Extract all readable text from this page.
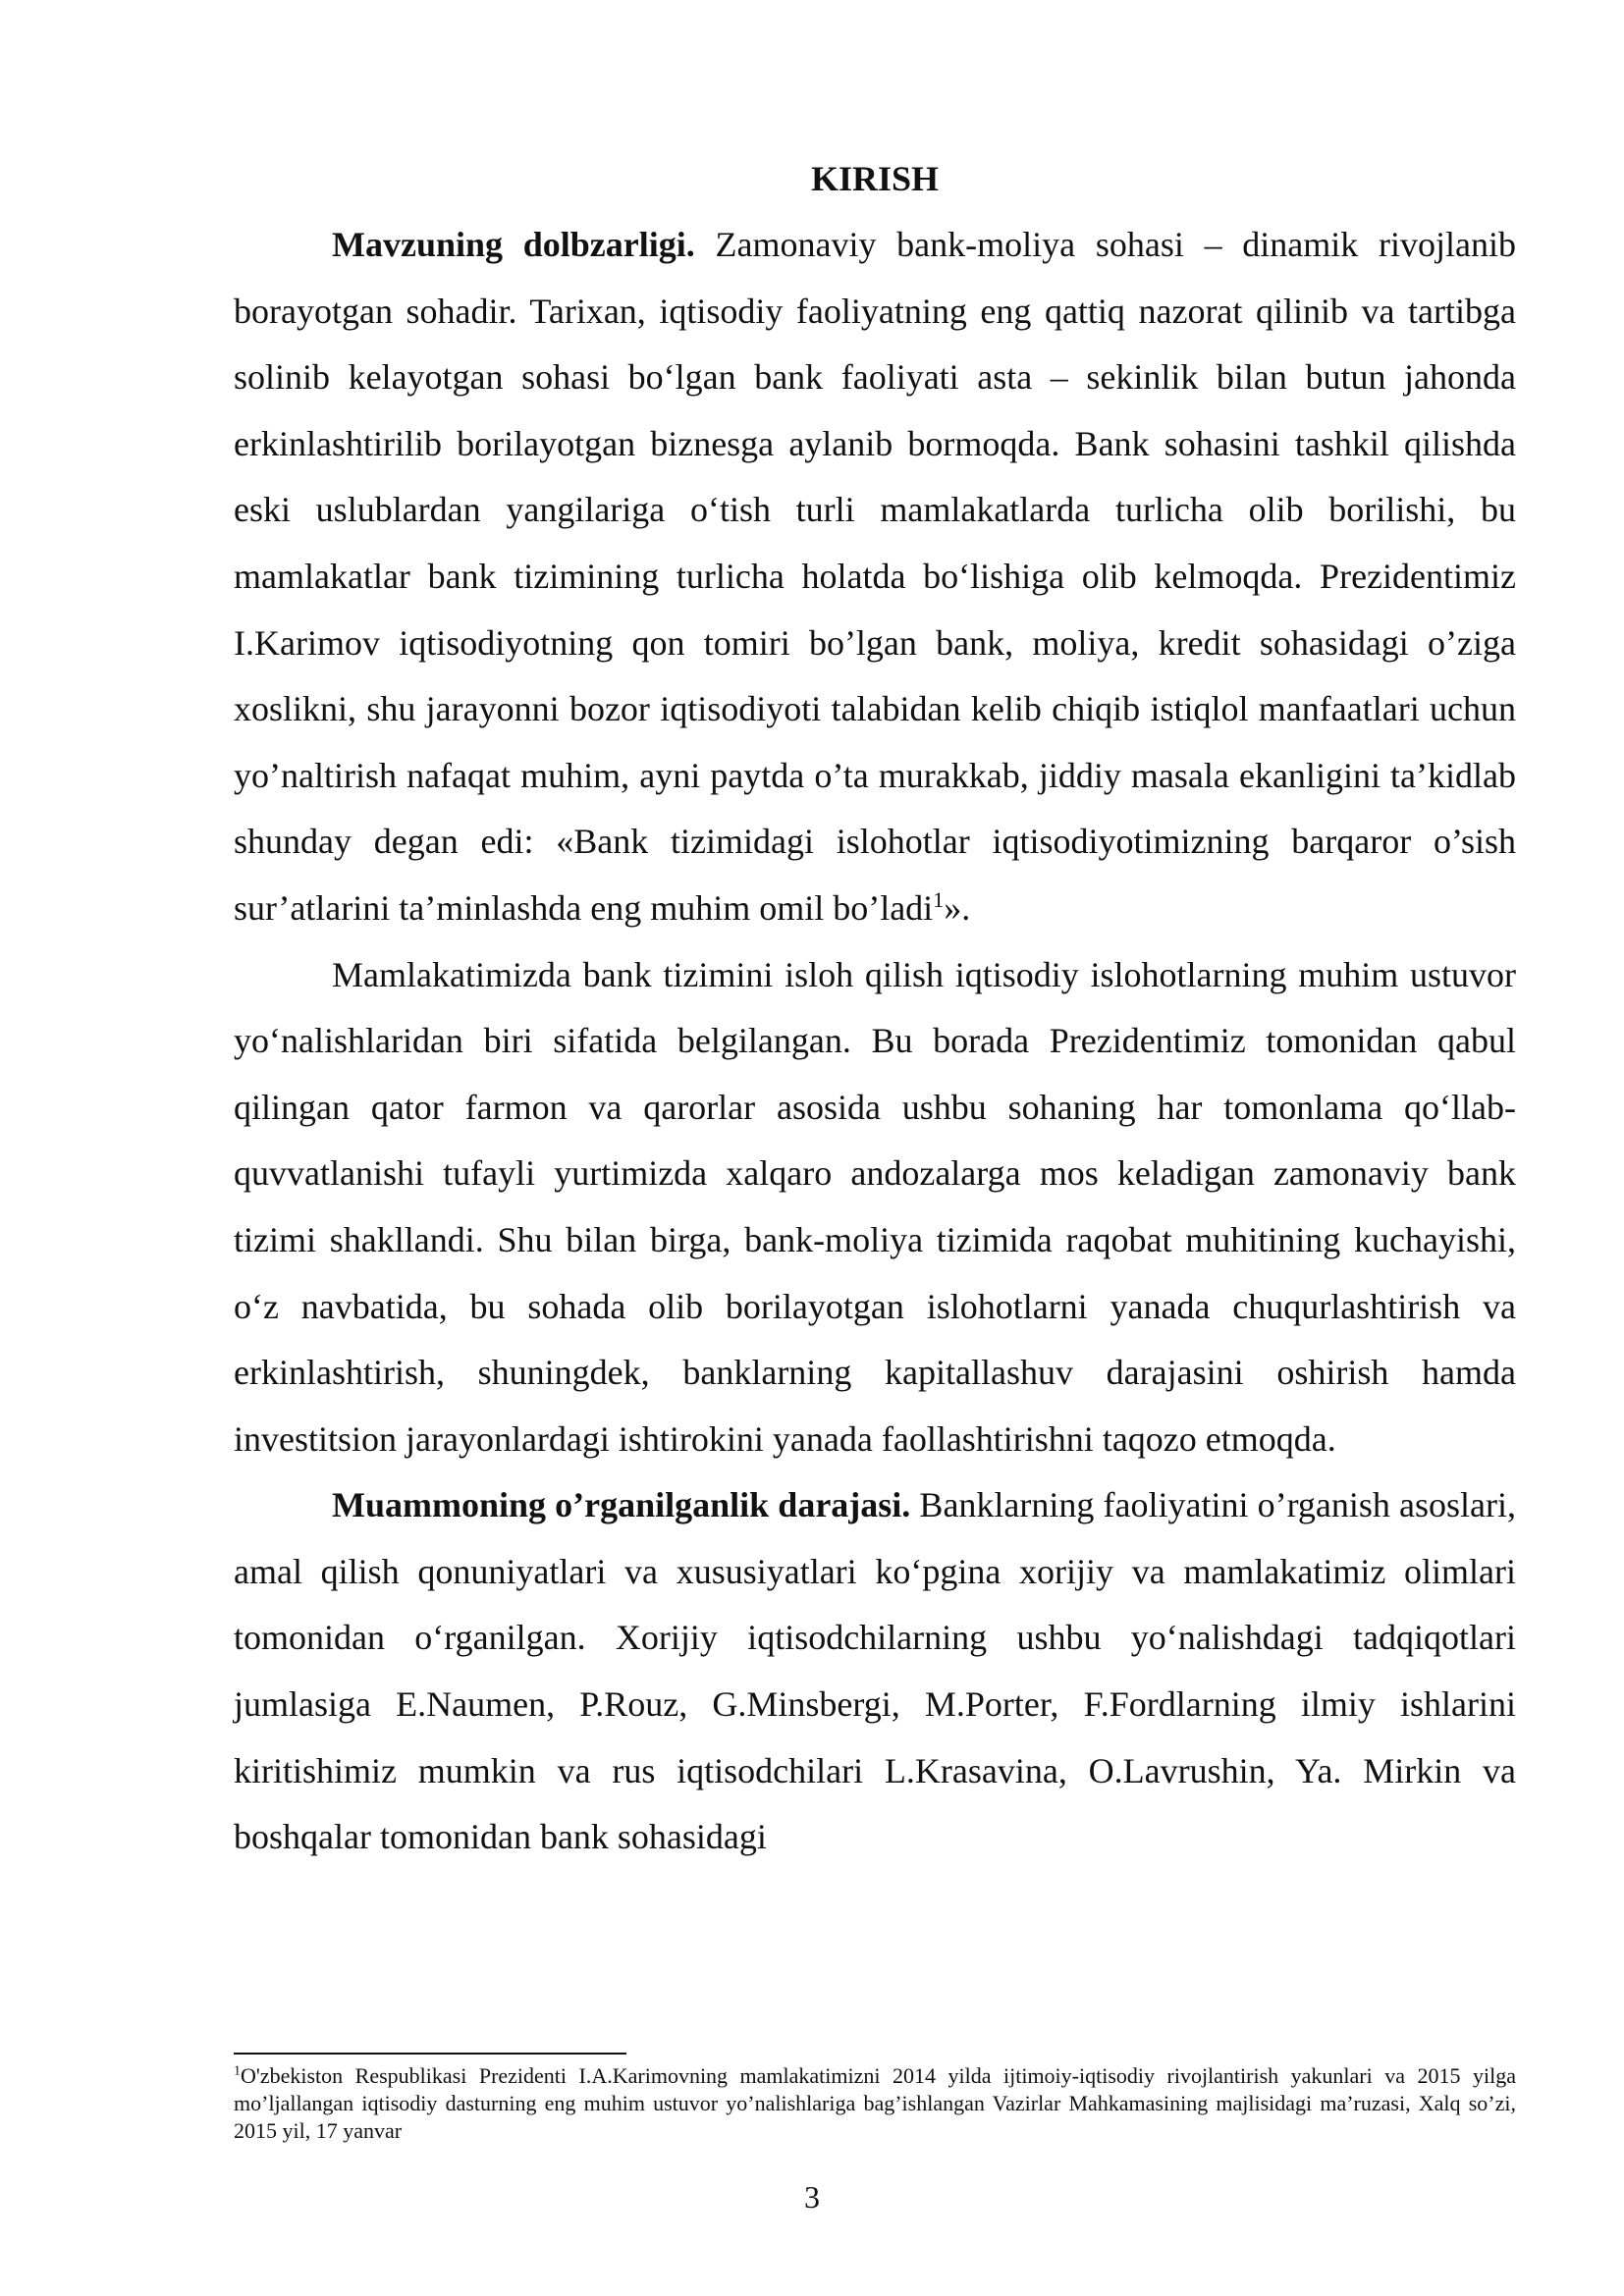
KIRISH

Mavzuning dolbzarligi. Zamonaviy bank-moliya sohasi – dinamik rivojlanib borayotgan sohadir. Tarixan, iqtisodiy faoliyatning eng qattiq nazorat qilinib va tartibga solinib kelayotgan sohasi bo‘lgan bank faoliyati asta – sekinlik bilan butun jahonda erkinlashtirilib borilayotgan biznesga aylanib bormoqda. Bank sohasini tashkil qilishda eski uslublardan yangilariga o‘tish turli mamlakatlarda turlicha olib borilishi, bu mamlakatlar bank tizimining turlicha holatda bo‘lishiga olib kelmoqda. Prezidentimiz I.Karimov iqtisodiyotning qon tomiri bo’lgan bank, moliya, kredit sohasidagi o’ziga xoslikni, shu jarayonni bozor iqtisodiyoti talabidan kelib chiqib istiqlol manfaatlari uchun yo’naltirish nafaqat muhim, ayni paytda o’ta murakkab, jiddiy masala ekanligini ta’kidlab shunday degan edi: «Bank tizimidagi islohotlar iqtisodiyotimizning barqaror o’sish sur’atlarini ta’minlashda eng muhim omil bo’ladi$^1$».

Mamlakatimizda bank tizimini isloh qilish iqtisodiy islohotlarning muhim ustuvor yo‘nalishlaridan biri sifatida belgilangan. Bu borada Prezidentimiz tomonidan qabul qilingan qator farmon va qarorlar asosida ushbu sohaning har tomonlama qo‘llab-quvvatlanishi tufayli yurtimizda xalqaro andozalarga mos keladigan zamonaviy bank tizimi shakllandi. Shu bilan birga, bank-moliya tizimida raqobat muhitining kuchayishi, o‘z navbatida, bu sohada olib borilayotgan islohotlarni yanada chuqurlashtirish va erkinlashtirish, shuningdek, banklarning kapitallashuv darajasini oshirish hamda investitsion jarayonlardagi ishtirokini yanada faollashtirishni taqozo etmoqda.

Muammoning o’rganilganlik darajasi. Banklarning faoliyatini o’rganish asoslari, amal qilish qonuniyatlari va xususiyatlari ko‘pgina xorijiy va mamlakatimiz olimlari tomonidan o‘rganilgan. Xorijiy iqtisodchilarning ushbu yo‘nalishdagi tadqiqotlari jumlasiga E.Naumen, P.Rouz, G.Minsbergi, M.Porter, F.Fordlarning ilmiy ishlarini kiritishimiz mumkin va rus iqtisodchilari L.Krasavina, O.Lavrushin, Ya. Mirkin va boshqalar tomonidan bank sohasidagi

$^1$O'zbekiston Respublikasi Prezidenti I.A.Karimovning mamlakatimizni 2014 yilda ijtimoiy-iqtisodiy rivojlantirish yakunlari va 2015 yilga mo’ljallangan iqtisodiy dasturning eng muhim ustuvor yo’nalishlariga bag’ishlangan Vazirlar Mahkamasining majlisidagi ma’ruzasi, Xalq so’zi, 2015 yil, 17 yanvar

3
